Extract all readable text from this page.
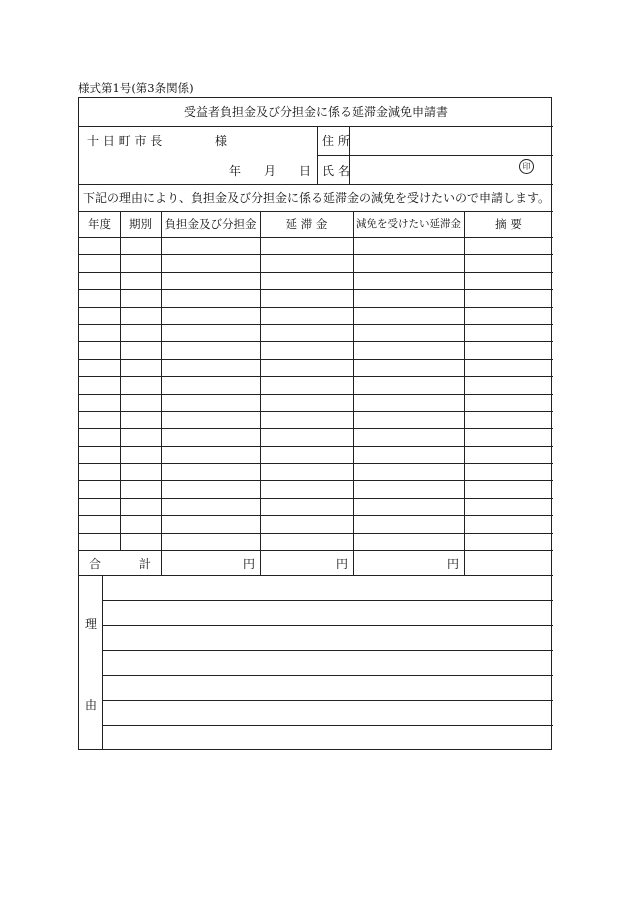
様式第1号(第3条関係)
受益者負担金及び分担金に係る延滞金減免申請書
十 日 町 市 長	様
年 月 日
住 所
氏 名	印
下記の理由により、負担金及び分担金に係る延滞金の減免を受けたいので申請します。
年度	期別	負担金及び分担金	延 滞 金	減免を受けたい延滞金	摘 要
合	計	円	円	円
理
由
